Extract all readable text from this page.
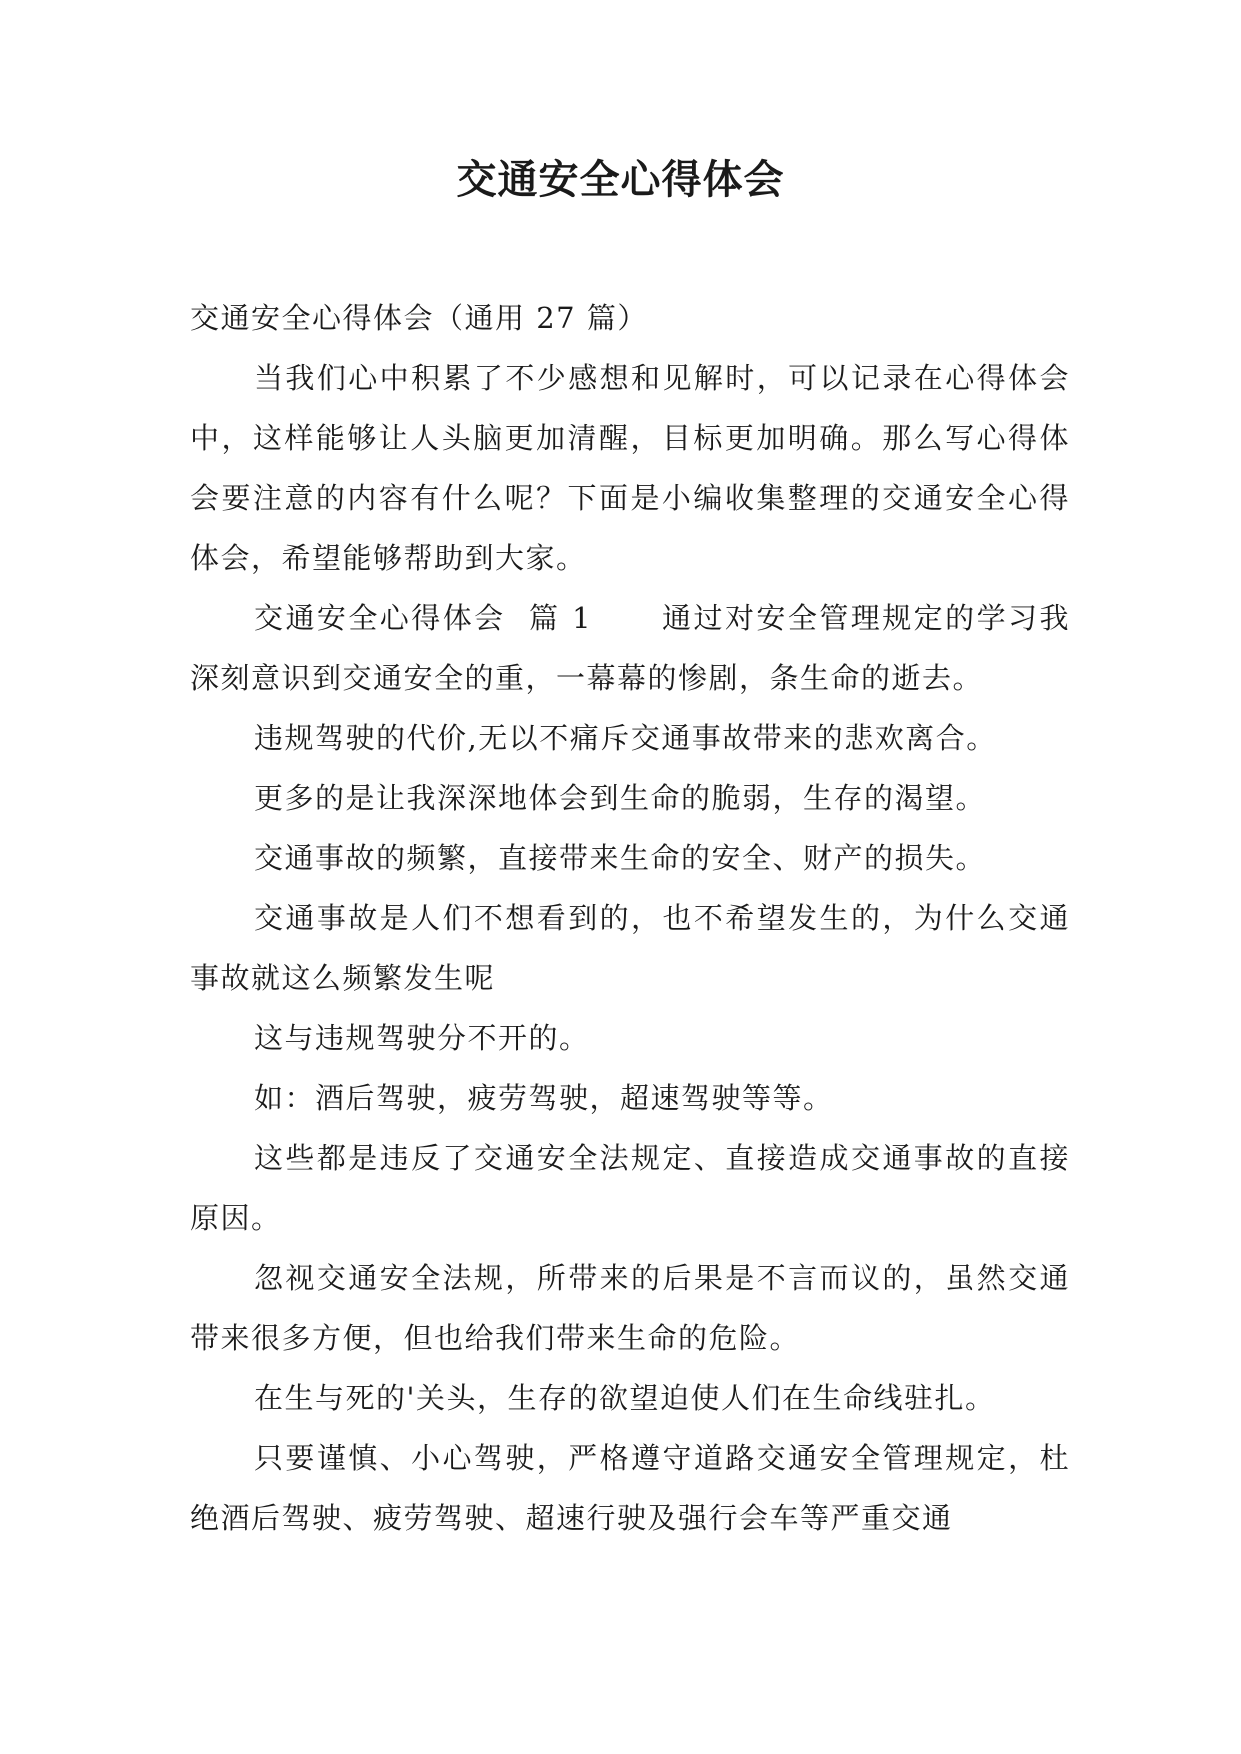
交通安全心得体会

交通安全心得体会（通用 27 篇）

当我们心中积累了不少感想和见解时，可以记录在心得体会中，这样能够让人头脑更加清醒，目标更加明确。那么写心得体会要注意的内容有什么呢？下面是小编收集整理的交通安全心得体会，希望能够帮助到大家。

交通安全心得体会  篇 1      通过对安全管理规定的学习我深刻意识到交通安全的重，一幕幕的惨剧，条生命的逝去。

违规驾驶的代价,无以不痛斥交通事故带来的悲欢离合。

更多的是让我深深地体会到生命的脆弱，生存的渴望。

交通事故的频繁，直接带来生命的安全、财产的损失。

交通事故是人们不想看到的，也不希望发生的，为什么交通事故就这么频繁发生呢

这与违规驾驶分不开的。

如：酒后驾驶，疲劳驾驶，超速驾驶等等。

这些都是违反了交通安全法规定、直接造成交通事故的直接原因。

忽视交通安全法规，所带来的后果是不言而议的，虽然交通带来很多方便，但也给我们带来生命的危险。

在生与死的'关头，生存的欲望迫使人们在生命线驻扎。

只要谨慎、小心驾驶，严格遵守道路交通安全管理规定，杜绝酒后驾驶、疲劳驾驶、超速行驶及强行会车等严重交通
